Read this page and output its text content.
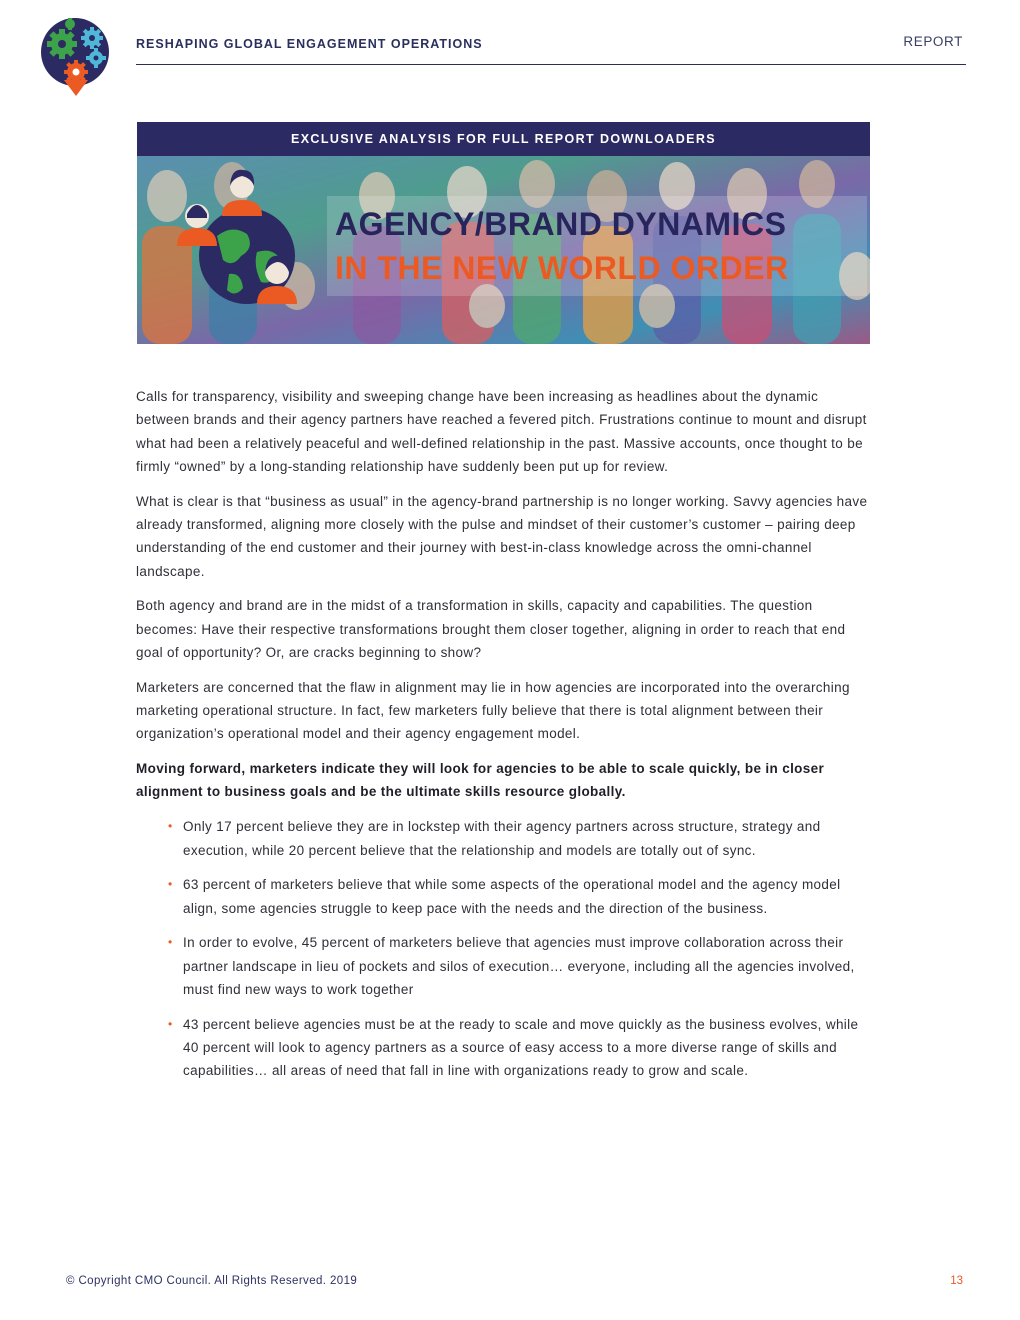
RESHAPING GLOBAL ENGAGEMENT OPERATIONS	REPORT
EXCLUSIVE ANALYSIS FOR FULL REPORT DOWNLOADERS
AGENCY/BRAND DYNAMICS
IN THE NEW WORLD ORDER

Calls for transparency, visibility and sweeping change have been increasing as headlines about the dynamic between brands and their agency partners have reached a fevered pitch. Frustrations continue to mount and disrupt what had been a relatively peaceful and well-defined relationship in the past. Massive accounts, once thought to be firmly “owned” by a long-standing relationship have suddenly been put up for review.

What is clear is that “business as usual” in the agency-brand partnership is no longer working. Savvy agencies have already transformed, aligning more closely with the pulse and mindset of their customer’s customer – pairing deep understanding of the end customer and their journey with best-in-class knowledge across the omni-channel landscape.

Both agency and brand are in the midst of a transformation in skills, capacity and capabilities. The question becomes: Have their respective transformations brought them closer together, aligning in order to reach that end goal of opportunity? Or, are cracks beginning to show?

Marketers are concerned that the flaw in alignment may lie in how agencies are incorporated into the overarching marketing operational structure. In fact, few marketers fully believe that there is total alignment between their organization’s operational model and their agency engagement model.

Moving forward, marketers indicate they will look for agencies to be able to scale quickly, be in closer alignment to business goals and be the ultimate skills resource globally.

• Only 17 percent believe they are in lockstep with their agency partners across structure, strategy and execution, while 20 percent believe that the relationship and models are totally out of sync.
• 63 percent of marketers believe that while some aspects of the operational model and the agency model align, some agencies struggle to keep pace with the needs and the direction of the business.
• In order to evolve, 45 percent of marketers believe that agencies must improve collaboration across their partner landscape in lieu of pockets and silos of execution… everyone, including all the agencies involved, must find new ways to work together
• 43 percent believe agencies must be at the ready to scale and move quickly as the business evolves, while 40 percent will look to agency partners as a source of easy access to a more diverse range of skills and capabilities… all areas of need that fall in line with organizations ready to grow and scale.
© Copyright CMO Council. All Rights Reserved. 2019	13
